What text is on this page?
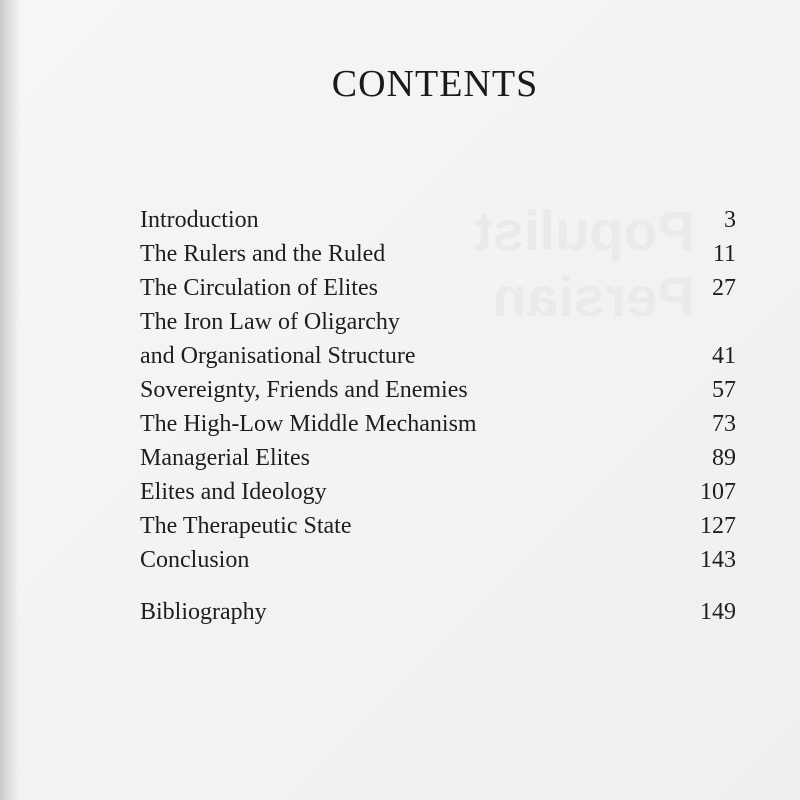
Populist
Persian
CONTENTS
Introduction	3
The Rulers and the Ruled	11
The Circulation of Elites	27
The Iron Law of Oligarchy
and Organisational Structure	41
Sovereignty, Friends and Enemies	57
The High-Low Middle Mechanism	73
Managerial Elites	89
Elites and Ideology	107
The Therapeutic State	127
Conclusion	143
Bibliography	149
